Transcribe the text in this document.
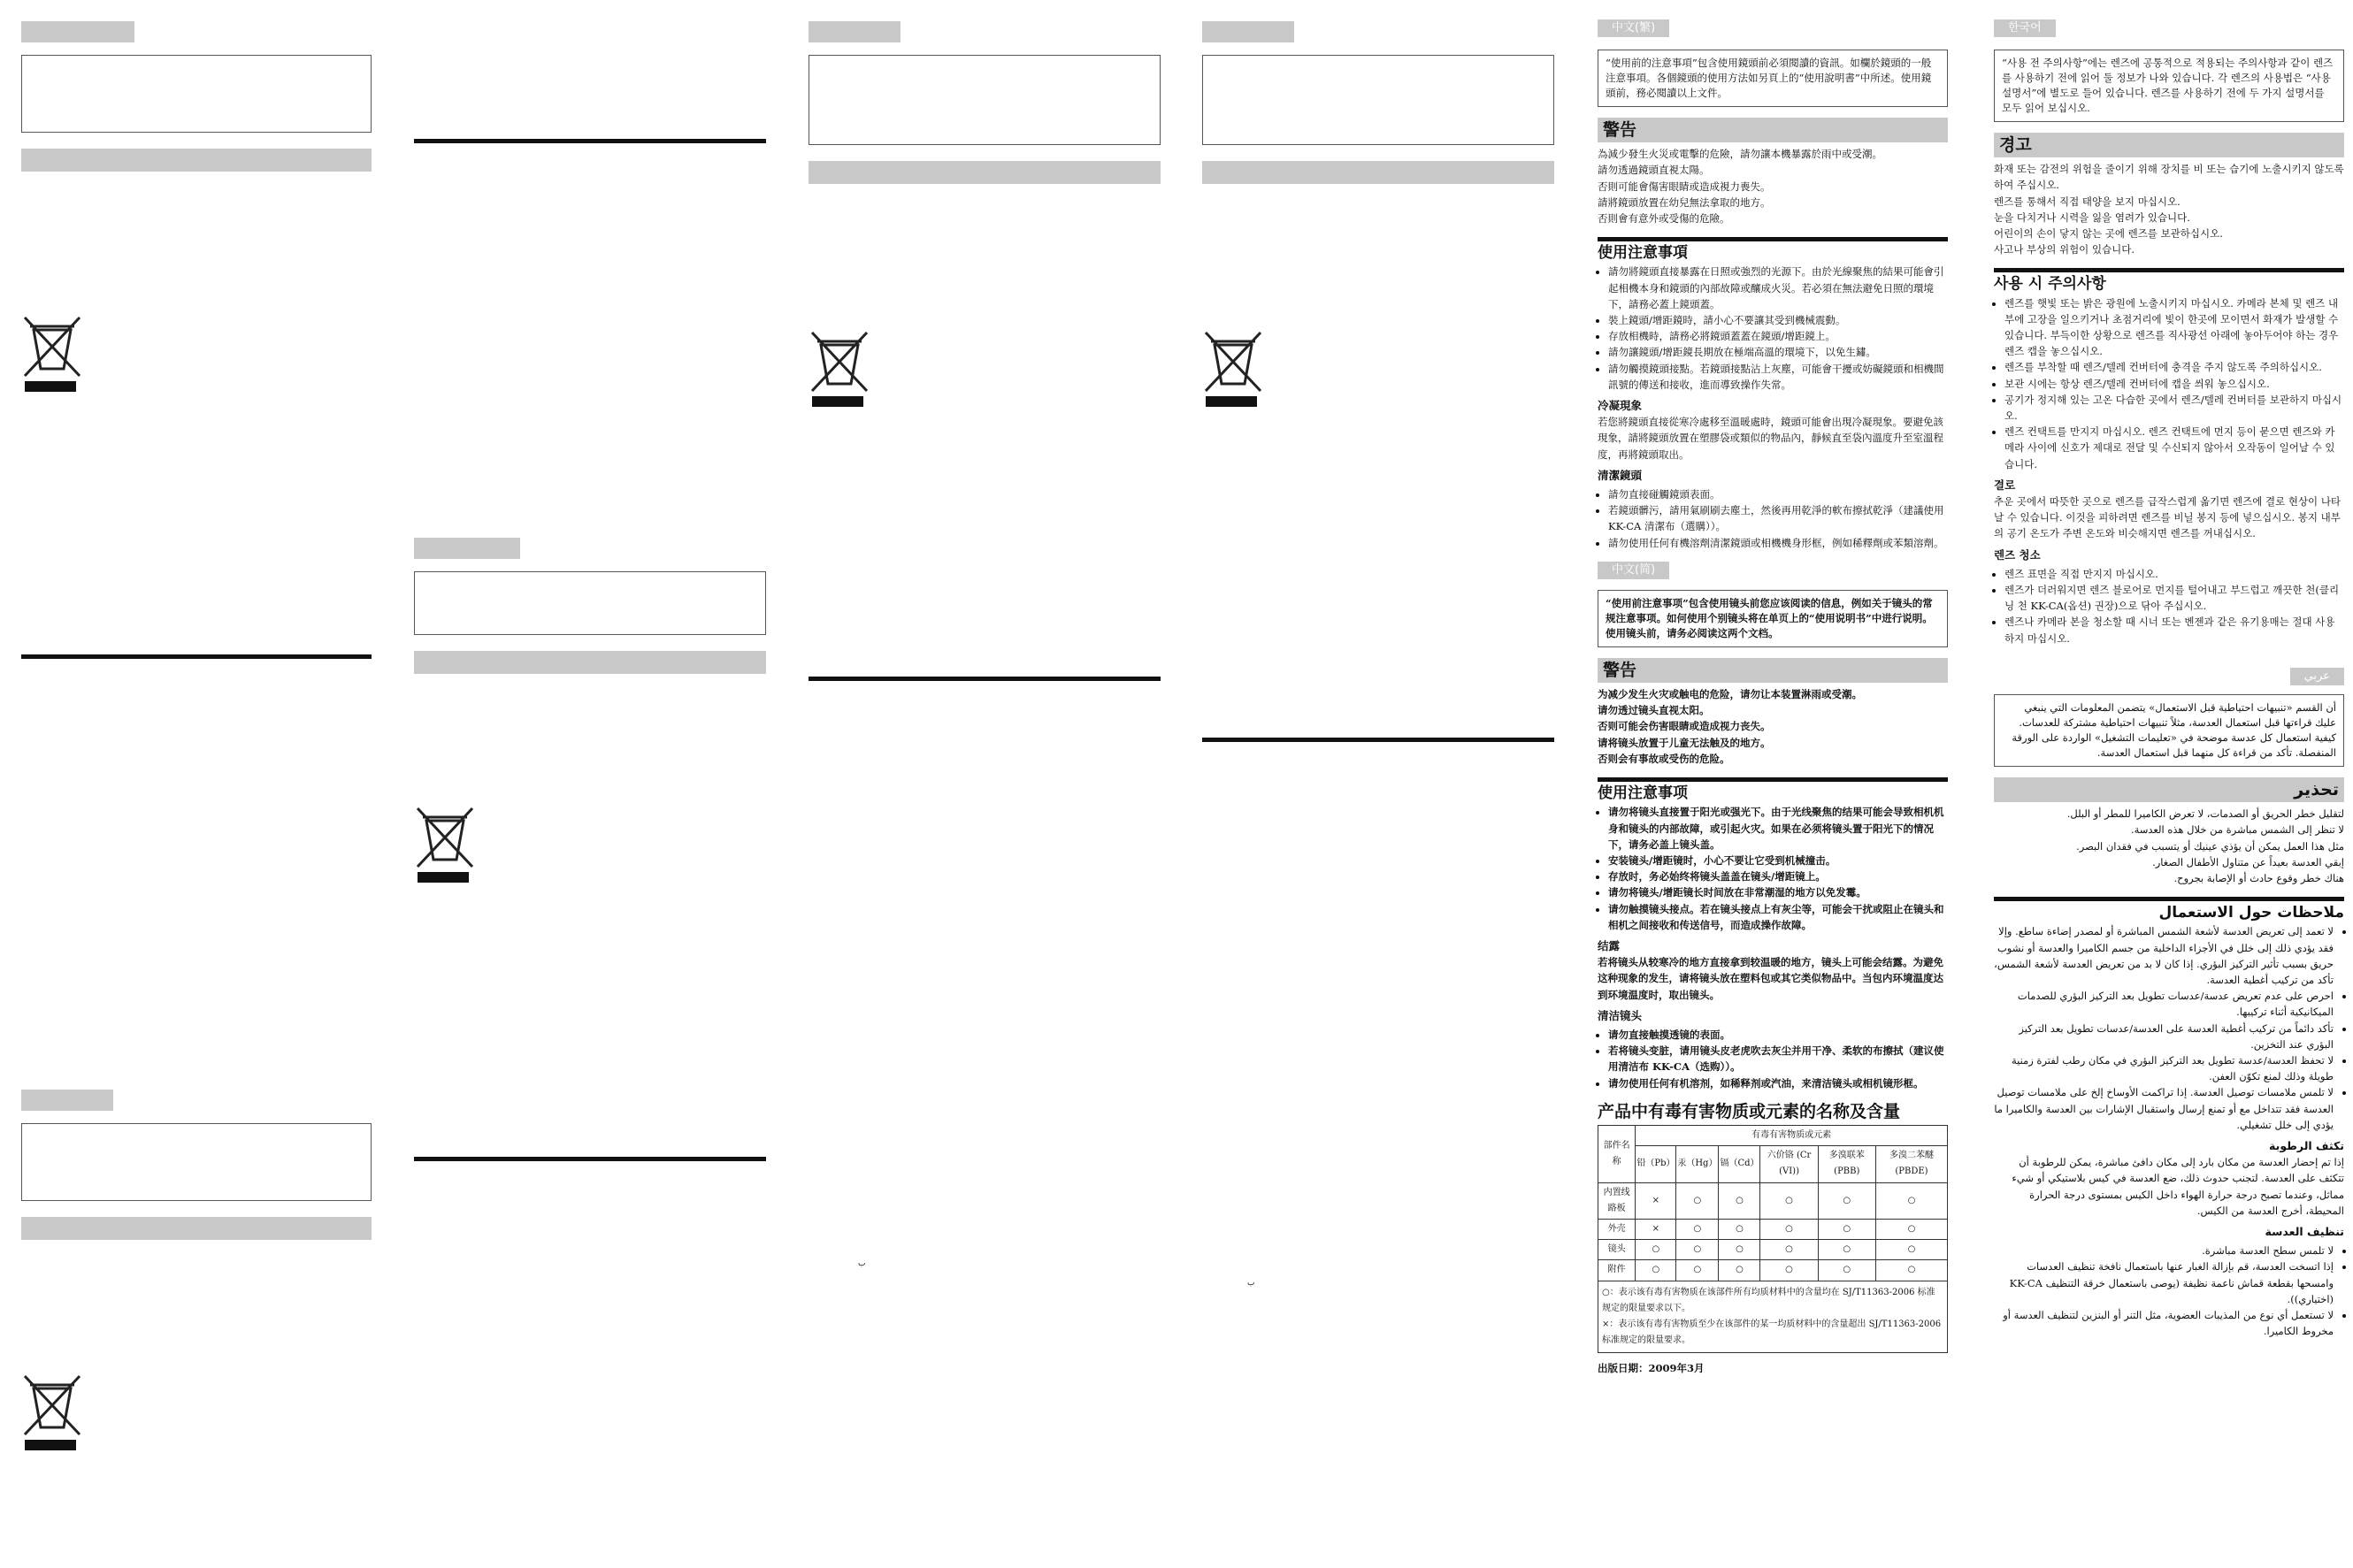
ب
ب
中文(繁)
“使用前的注意事項”包含使用鏡頭前必須閱讀的資訊。如欄於鏡頭的一般注意事項。各個鏡頭的使用方法如另頁上的“使用說明書”中所述。使用鏡頭前，務必閱讀以上文件。
警告

為減少發生火災或電擊的危險，請勿讓本機暴露於雨中或受潮。

請勿透過鏡頭直視太陽。

否則可能會傷害眼睛或造成視力喪失。

請將鏡頭放置在幼兒無法拿取的地方。

否則會有意外或受傷的危險。

使用注意事項
• 請勿將鏡頭直接暴露在日照或強烈的光源下。由於光線聚焦的結果可能會引起相機本身和鏡頭的內部故障或釀成火災。若必須在無法避免日照的環境下，請務必蓋上鏡頭蓋。
• 裝上鏡頭/增距鏡時，請小心不要讓其受到機械震動。
• 存放相機時，請務必將鏡頭蓋蓋在鏡頭/增距鏡上。
• 請勿讓鏡頭/增距鏡長期放在極端高溫的環境下，以免生鏽。
• 請勿觸摸鏡頭接點。若鏡頭接點沾上灰塵，可能會干擾或妨礙鏡頭和相機間訊號的傳送和接收，進而導致操作失常。
冷凝現象

若您將鏡頭直接從寒冷處移至溫暖處時，鏡頭可能會出現冷凝現象。要避免該現象，請將鏡頭放置在塑膠袋或類似的物品內，靜候直至袋內溫度升至室溫程度，再將鏡頭取出。

清潔鏡頭
• 請勿直接碰觸鏡頭表面。
• 若鏡頭髒污，請用氣刷刷去塵土，然後再用乾淨的軟布擦拭乾淨（建議使用 KK-CA 清潔布（選購））。
• 請勿使用任何有機溶劑清潔鏡頭或相機機身形框，例如稀釋劑或苯類溶劑。
中文(简)
“使用前注意事项”包含使用镜头前您应该阅读的信息，例如关于镜头的常规注意事项。如何使用个别镜头将在单页上的“使用说明书”中进行说明。使用镜头前，请务必阅读这两个文档。
警告

为减少发生火灾或触电的危险，请勿让本装置淋雨或受潮。

请勿透过镜头直视太阳。

否则可能会伤害眼睛或造成视力丧失。

请将镜头放置于儿童无法触及的地方。

否则会有事故或受伤的危险。

使用注意事项
• 请勿将镜头直接置于阳光或强光下。由于光线聚焦的结果可能会导致相机机身和镜头的内部故障，或引起火灾。如果在必须将镜头置于阳光下的情况下，请务必盖上镜头盖。
• 安装镜头/增距镜时，小心不要让它受到机械撞击。
• 存放时，务必始终将镜头盖盖在镜头/增距镜上。
• 请勿将镜头/增距镜长时间放在非常潮湿的地方以免发霉。
• 请勿触摸镜头接点。若在镜头接点上有灰尘等，可能会干扰或阻止在镜头和相机之间接收和传送信号，而造成操作故障。
结露

若将镜头从较寒冷的地方直接拿到较温暖的地方，镜头上可能会结露。为避免这种现象的发生，请将镜头放在塑料包或其它类似物品中。当包内环境温度达到环境温度时，取出镜头。

清洁镜头
• 请勿直接触摸透镜的表面。
• 若将镜头变脏，请用镜头皮老虎吹去灰尘并用干净、柔软的布擦拭（建议使用清洁布 KK-CA（选购））。
• 请勿使用任何有机溶剂，如稀释剂或汽油，来清洁镜头或相机镜形框。
产品中有毒有害物质或元素的名称及含量
部件名称	有毒有害物质或元素					
	铅（Pb）	汞（Hg）	镉（Cd）	六价铬 (Cr (VI))	多溴联苯 (PBB)	多溴二苯醚 (PBDE)
内置线路板	×	○	○	○	○	○
外壳	×	○	○	○	○	○
镜头	○	○	○	○	○	○
附件	○	○	○	○	○	○

○：表示该有毒有害物质在该部件所有均质材料中的含量均在 SJ/T11363-2006 标准规定的限量要求以下。

×：表示该有毒有害物质至少在该部件的某一均质材料中的含量超出 SJ/T11363-2006 标准规定的限量要求。						

出版日期：2009年3月

한국어
“사용 전 주의사항”에는 렌즈에 공통적으로 적용되는 주의사항과 같이 렌즈를 사용하기 전에 읽어 둘 정보가 나와 있습니다. 각 렌즈의 사용법은 “사용설명서”에 별도로 들어 있습니다. 렌즈를 사용하기 전에 두 가지 설명서를 모두 읽어 보십시오.
경고

화재 또는 감전의 위험을 줄이기 위해 장치를 비 또는 습기에 노출시키지 않도록 하여 주십시오.

렌즈를 통해서 직접 태양을 보지 마십시오.

눈을 다치거나 시력을 잃을 염려가 있습니다.

어린이의 손이 닿지 않는 곳에 렌즈를 보관하십시오.

사고나 부상의 위험이 있습니다.

사용 시 주의사항
• 렌즈를 햇빛 또는 밝은 광원에 노출시키지 마십시오. 카메라 본체 및 렌즈 내부에 고장을 일으키거나 초점거리에 빛이 한곳에 모이면서 화재가 발생할 수 있습니다. 부득이한 상황으로 렌즈를 직사광선 아래에 놓아두어야 하는 경우 렌즈 캡을 놓으십시오.
• 렌즈를 부착할 때 렌즈/텔레 컨버터에 충격을 주지 않도록 주의하십시오.
• 보관 시에는 항상 렌즈/텔레 컨버터에 캡을 씌워 놓으십시오.
• 공기가 정지해 있는 고온 다습한 곳에서 렌즈/텔레 컨버터를 보관하지 마십시오.
• 렌즈 컨택트를 만지지 마십시오. 렌즈 컨택트에 먼지 등이 묻으면 렌즈와 카메라 사이에 신호가 제대로 전달 및 수신되지 않아서 오작동이 일어날 수 있습니다.
결로

추운 곳에서 따뜻한 곳으로 렌즈를 급작스럽게 옮기면 렌즈에 결로 현상이 나타날 수 있습니다. 이것을 피하려면 렌즈를 비닐 봉지 등에 넣으십시오. 봉지 내부의 공기 온도가 주변 온도와 비슷해지면 렌즈를 꺼내십시오.

렌즈 청소
• 렌즈 표면을 직접 만지지 마십시오.
• 렌즈가 더러워지면 렌즈 블로어로 먼지를 털어내고 부드럽고 깨끗한 천(클리닝 천 KK-CA(옵션) 권장)으로 닦아 주십시오.
• 렌즈나 카메라 본을 청소할 때 시너 또는 벤젠과 같은 유기용매는 절대 사용하지 마십시오.
عربي
أن القسم «تنبيهات احتياطية قبل الاستعمال» يتضمن المعلومات التي ينبغي عليك قراءتها قبل استعمال العدسة، مثلاً تنبيهات احتياطية مشتركة للعدسات. كيفية استعمال كل عدسة موضحة في «تعليمات التشغيل» الواردة على الورقة المنفصلة. تأكد من قراءة كل منهما قبل استعمال العدسة.
تحذير

لتقليل خطر الحريق أو الصدمات، لا تعرض الكاميرا للمطر أو البلل.

لا تنظر إلى الشمس مباشرة من خلال هذه العدسة.

مثل هذا العمل يمكن أن يؤذي عينيك أو يتسبب في فقدان البصر.

إبقي العدسة بعيداً عن متناول الأطفال الصغار.

هناك خطر وقوع حادث أو الإصابة بجروح.

ملاحظات حول الاستعمال
• لا تعمد إلى تعريض العدسة لأشعة الشمس المباشرة أو لمصدر إضاءة ساطع. وإلا فقد يؤدي ذلك إلى خلل في الأجزاء الداخلية من جسم الكاميرا والعدسة أو نشوب حريق بسبب تأثير التركيز البؤري. إذا كان لا بد من تعريض العدسة لأشعة الشمس، تأكد من تركيب أغطية العدسة.
• احرص على عدم تعريض عدسة/عدسات تطويل بعد التركيز البؤري للصدمات الميكانيكية أثناء تركيبها.
• تأكد دائماً من تركيب أغطية العدسة على العدسة/عدسات تطويل بعد التركيز البؤري عند التخزين.
• لا تحفظ العدسة/عدسة تطويل بعد التركيز البؤري في مكان رطب لفترة زمنية طويلة وذلك لمنع تكوّن العفن.
• لا تلمس ملامسات توصيل العدسة. إذا تراكمت الأوساخ إلخ على ملامسات توصيل العدسة فقد تتداخل مع أو تمنع إرسال واستقبال الإشارات بين العدسة والكاميرا ما يؤدي إلى خلل تشغيلي.
تكثف الرطوبة

إذا تم إحضار العدسة من مكان بارد إلى مكان دافئ مباشرة، يمكن للرطوبة أن تتكثف على العدسة. لتجنب حدوث ذلك، ضع العدسة في كيس بلاستيكي أو شيء مماثل، وعندما تصبح درجة حرارة الهواء داخل الكيس بمستوى درجة الحرارة المحيطة، أخرج العدسة من الكيس.

تنظيف العدسة
• لا تلمس سطح العدسة مباشرة.
• إذا اتسخت العدسة، قم بإزالة الغبار عنها باستعمال نافخة تنظيف العدسات وامسحها بقطعة قماش ناعمة نظيفة (يوصى باستعمال خرقة التنظيف KK-CA (اختياري)).
• لا تستعمل أي نوع من المذيبات العضوية، مثل التنر أو البنزين لتنظيف العدسة أو مخروط الكاميرا.
